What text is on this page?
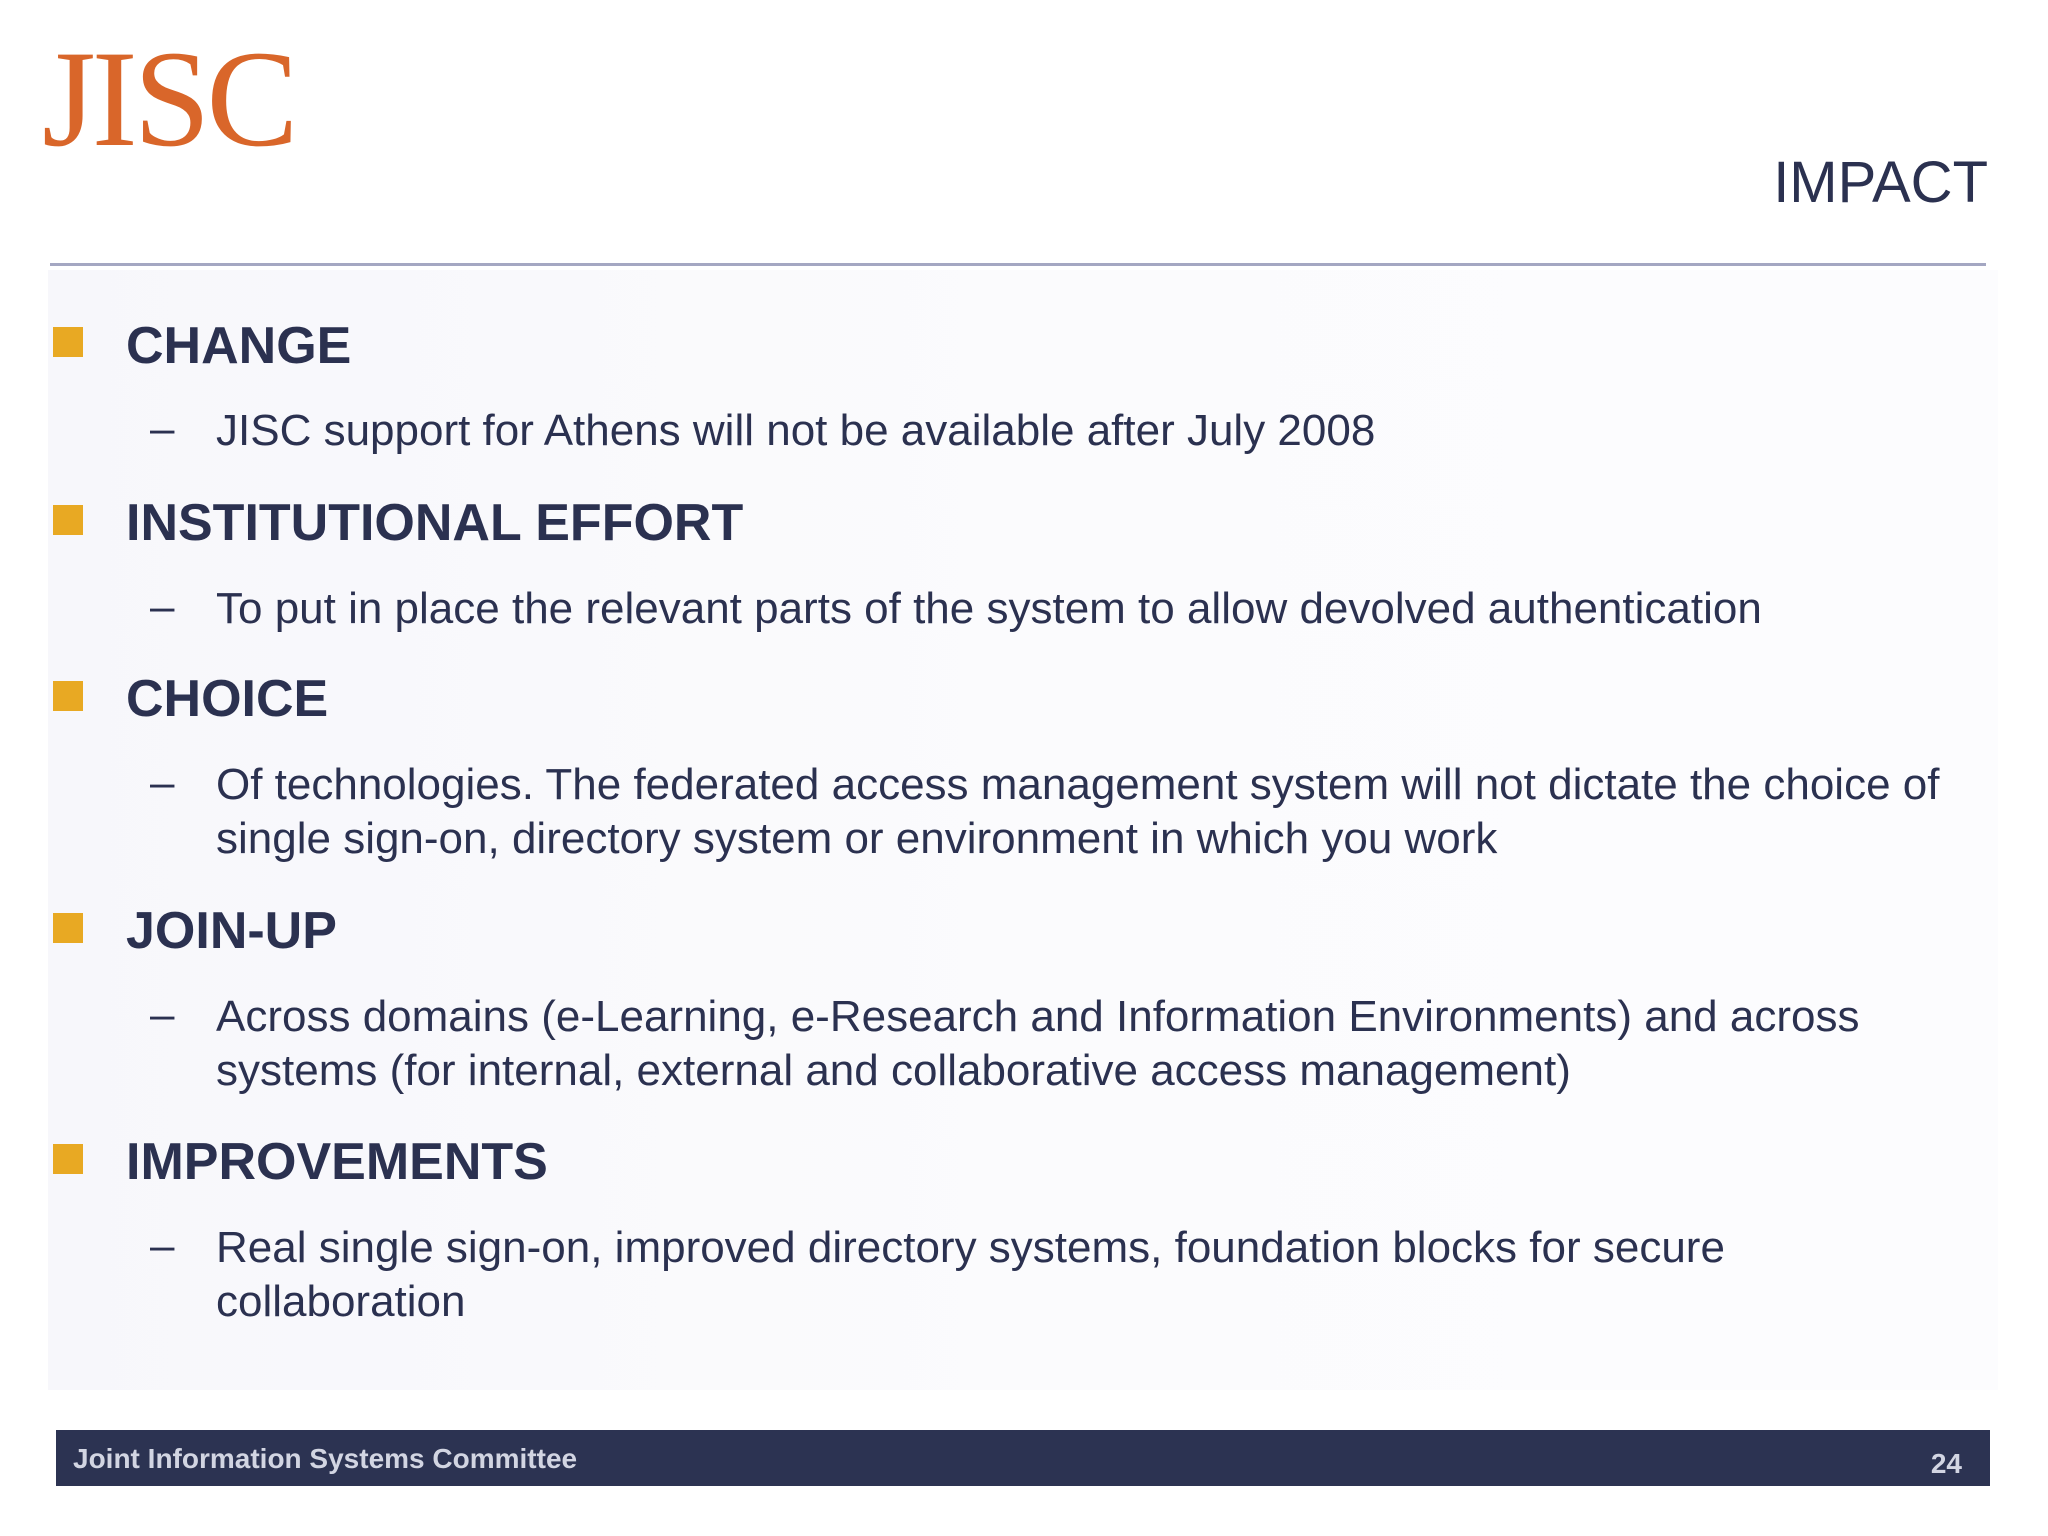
JISC
IMPACT
CHANGE
– JISC support for Athens will not be available after July 2008
INSTITUTIONAL EFFORT
– To put in place the relevant parts of the system to allow devolved authentication
CHOICE
– Of technologies. The federated access management system will not dictate the choice of single sign-on, directory system or environment in which you work
JOIN-UP
– Across domains (e-Learning, e-Research and Information Environments) and across systems (for internal, external and collaborative access management)
IMPROVEMENTS
– Real single sign-on, improved directory systems, foundation blocks for secure collaboration
Joint Information Systems Committee	24
